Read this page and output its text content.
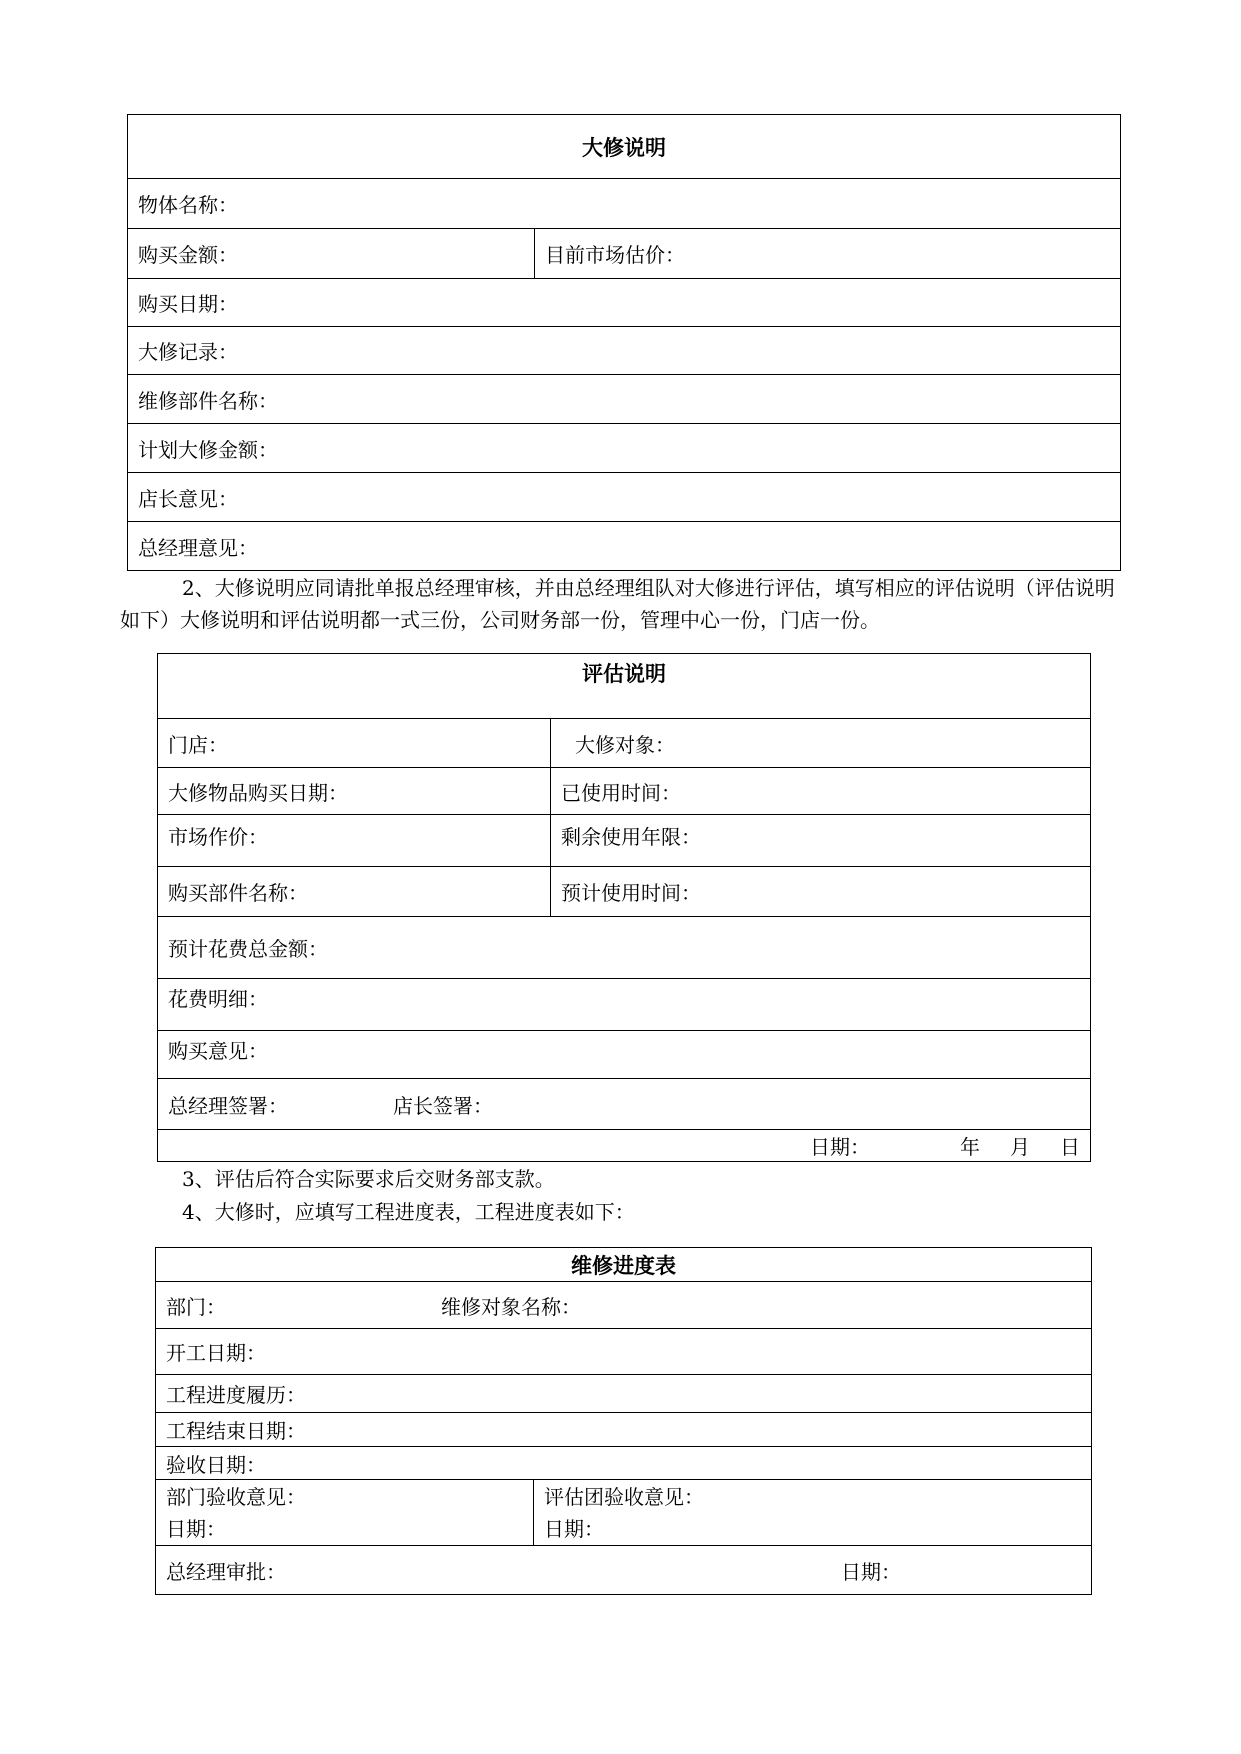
大修说明
物体名称：
购买金额：	目前市场估价：
购买日期：
大修记录：
维修部件名称：
计划大修金额：
店长意见：
总经理意见：

2、大修说明应同请批单报总经理审核，并由总经理组队对大修进行评估，填写相应的评估说明（评估说明如下）大修说明和评估说明都一式三份，公司财务部一份，管理中心一份，门店一份。

评估说明	
门店：	大修对象：
大修物品购买日期：	已使用时间：
市场作价：	剩余使用年限：
购买部件名称：	预计使用时间：
预计花费总金额：	
花费明细：	
购买意见：	
总经理签署： 店长签署：	
日期： 年 月 日	

3、评估后符合实际要求后交财务部支款。

4、大修时，应填写工程进度表，工程进度表如下：

维修进度表
部门：	维修对象名称：
开工日期：
工程进度履历：
工程结束日期：
验收日期：

部门验收意见：
日期：

评估团验收意见：
日期：

总经理审批：	日期：
